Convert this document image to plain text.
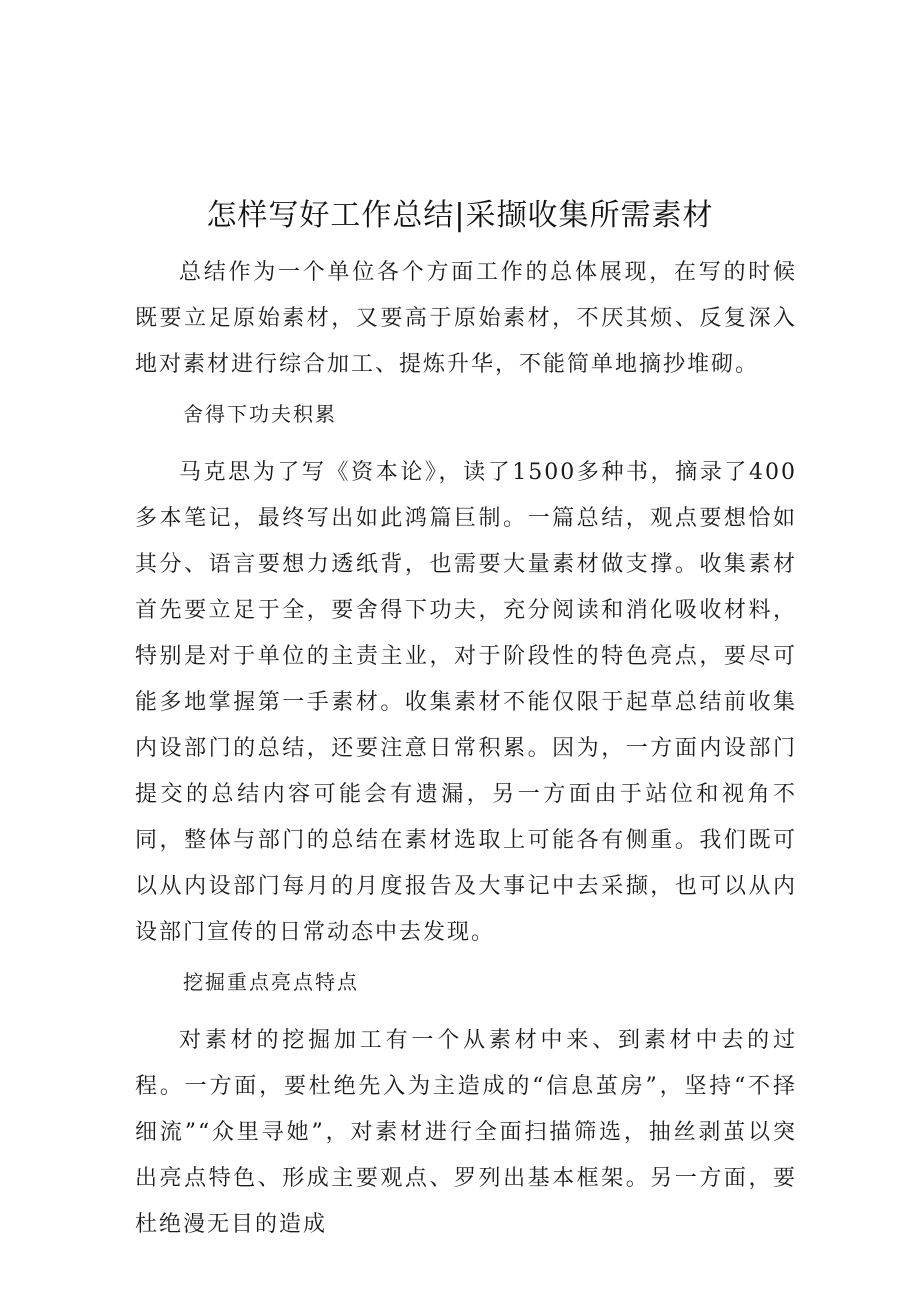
怎样写好工作总结|采撷收集所需素材

总结作为一个单位各个方面工作的总体展现，在写的时候既要立足原始素材，又要高于原始素材，不厌其烦、反复深入地对素材进行综合加工、提炼升华，不能简单地摘抄堆砌。

舍得下功夫积累

马克思为了写《资本论》，读了1500多种书，摘录了400多本笔记，最终写出如此鸿篇巨制。一篇总结，观点要想恰如其分、语言要想力透纸背，也需要大量素材做支撑。收集素材首先要立足于全，要舍得下功夫，充分阅读和消化吸收材料，特别是对于单位的主责主业，对于阶段性的特色亮点，要尽可能多地掌握第一手素材。收集素材不能仅限于起草总结前收集内设部门的总结，还要注意日常积累。因为，一方面内设部门提交的总结内容可能会有遗漏，另一方面由于站位和视角不同，整体与部门的总结在素材选取上可能各有侧重。我们既可以从内设部门每月的月度报告及大事记中去采撷，也可以从内设部门宣传的日常动态中去发现。

挖掘重点亮点特点

对素材的挖掘加工有一个从素材中来、到素材中去的过程。一方面，要杜绝先入为主造成的“信息茧房”，坚持“不择细流”“众里寻她”，对素材进行全面扫描筛选，抽丝剥茧以突出亮点特色、形成主要观点、罗列出基本框架。另一方面，要杜绝漫无目的造成
